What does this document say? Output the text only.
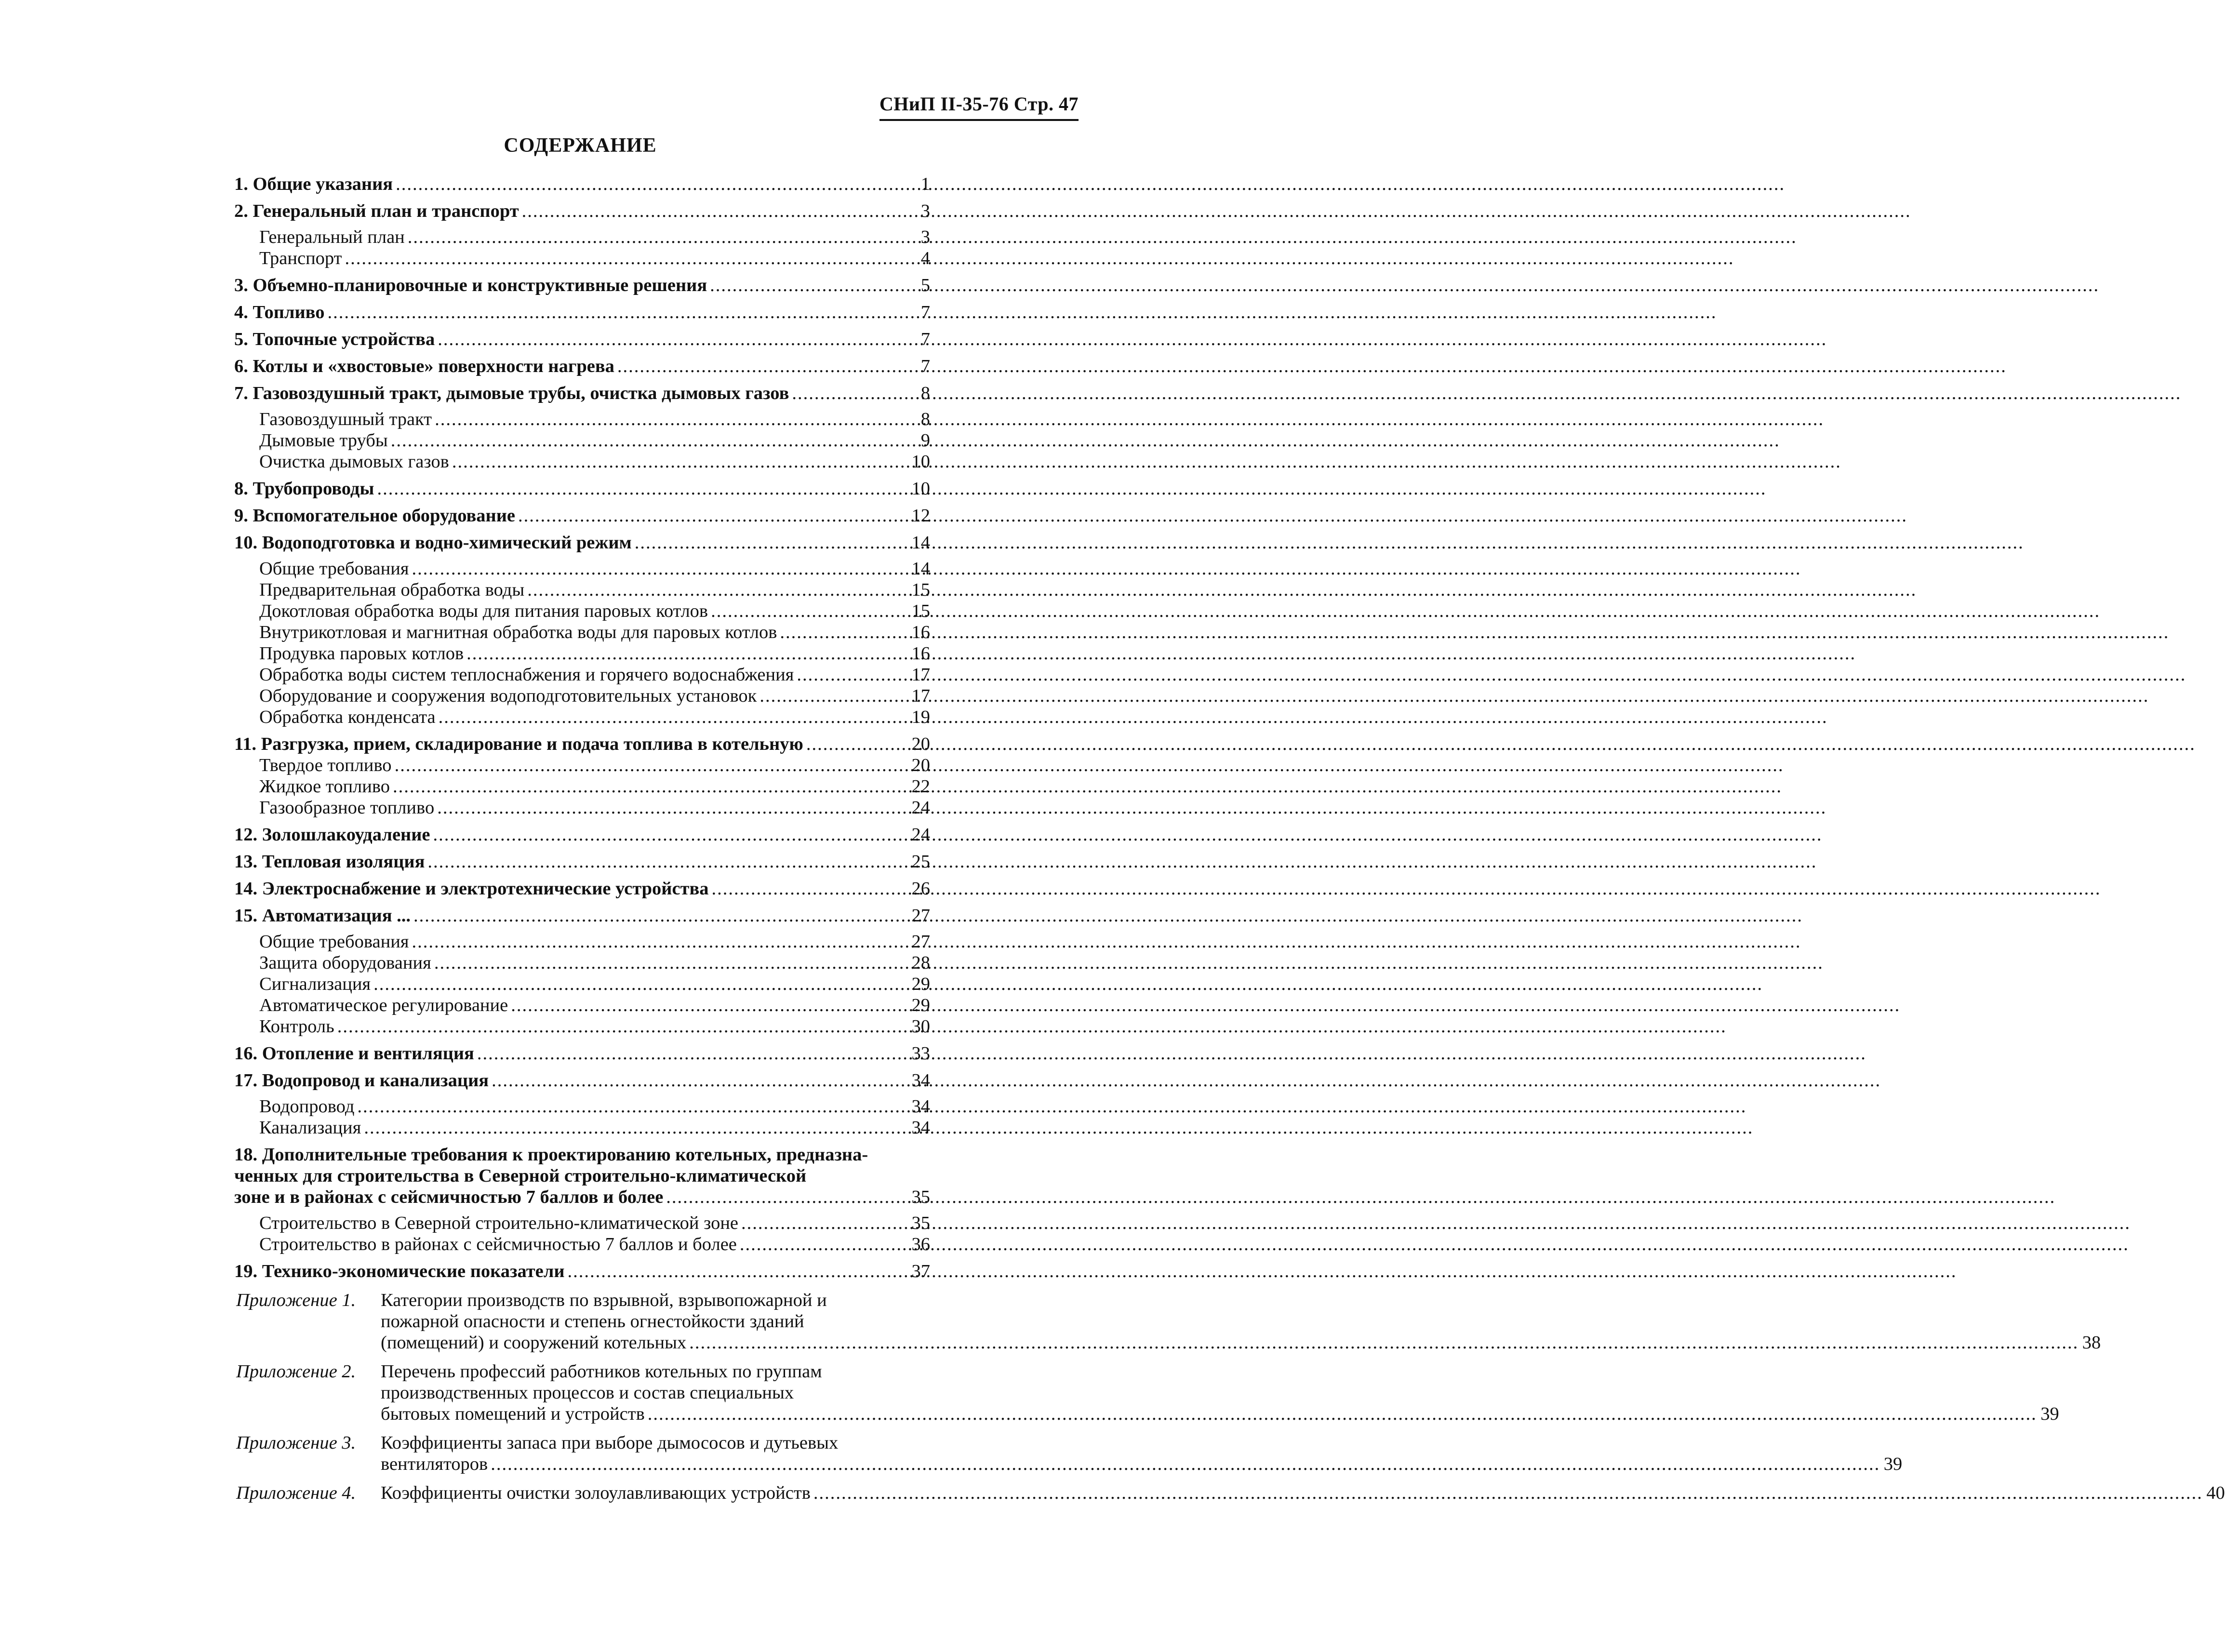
СНиП II-35-76 Стр. 47
СОДЕРЖАНИЕ
1. Общие указания .....	1
2. Генеральный план и транспорт .....	3
Генеральный план .....	3
Транспорт .....	4
3. Объемно-планировочные и конструктивные решения .....	5
4. Топливо .....	7
5. Топочные устройства .....	7
6. Котлы и «хвостовые» поверхности нагрева .....	7
7. Газовоздушный тракт, дымовые трубы, очистка дымовых газов .....	8
Газовоздушный тракт .....	8
Дымовые трубы .....	9
Очистка дымовых газов .....	10
8. Трубопроводы .....	10
9. Вспомогательное оборудование .....	12
10. Водоподготовка и водно-химический режим .....	14
Общие требования .....	14
Предварительная обработка воды .....	15
Докотловая обработка воды для питания паровых котлов .....	15
Внутрикотловая и магнитная обработка воды для паровых котлов .....	16
Продувка паровых котлов .....	16
Обработка воды систем теплоснабжения и горячего водоснабжения .....	17
Оборудование и сооружения водоподготовительных установок .....	17
Обработка конденсата .....	19
11. Разгрузка, прием, складирование и подача топлива в котельную .....	20
Твердое топливо .....	20
Жидкое топливо .....	22
Газообразное топливо .....	24
12. Золошлакоудаление .....	24
13. Тепловая изоляция .....	25
14. Электроснабжение и электротехнические устройства .....	26
15. Автоматизация ... .....	27
Общие требования .....	27
Защита оборудования .....	28
Сигнализация .....	29
Автоматическое регулирование .....	29
Контроль .....	30
16. Отопление и вентиляция .....	33
17. Водопровод и канализация .....	34
Водопровод .....	34
Канализация .....	34
18. Дополнительные требования к проектированию котельных, предназна-
ченных для строительства в Северной строительно-климатической
зоне и в районах с сейсмичностью 7 баллов и более .....	35
Строительство в Северной строительно-климатической зоне .....	35
Строительство в районах с сейсмичностью 7 баллов и более .....	36
19. Технико-экономические показатели .....	37
Приложение 1.	Категории производств по взрывной, взрывопожарной и
пожарной опасности и степень огнестойкости зданий
(помещений) и сооружений котельных .....	38
Приложение 2.	Перечень профессий работников котельных по группам
производственных процессов и состав специальных
бытовых помещений и устройств .....	39
Приложение 3.	Коэффициенты запаса при выборе дымососов и дутьевых
вентиляторов .....	39
Приложение 4.	Коэффициенты очистки золоулавливающих устройств .....	40
